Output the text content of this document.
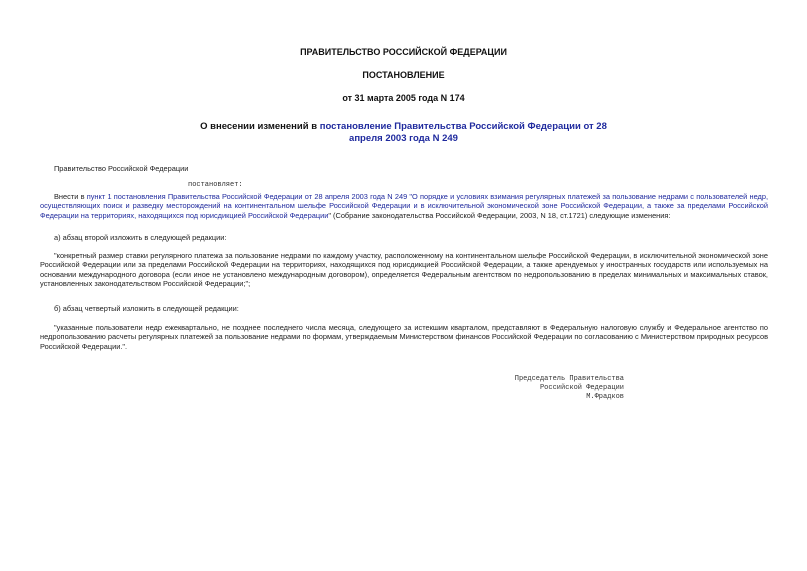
ПРАВИТЕЛЬСТВО РОССИЙСКОЙ ФЕДЕРАЦИИ
ПОСТАНОВЛЕНИЕ
от 31 марта 2005 года N 174
О внесении изменений в постановление Правительства Российской Федерации от 28 апреля 2003 года N 249
Правительство Российской Федерации
постановляет:
Внести в пункт 1 постановления Правительства Российской Федерации от 28 апреля 2003 года N 249 "О порядке и условиях взимания регулярных платежей за пользование недрами с пользователей недр, осуществляющих поиск и разведку месторождений на континентальном шельфе Российской Федерации и в исключительной экономической зоне Российской Федерации, а также за пределами Российской Федерации на территориях, находящихся под юрисдикцией Российской Федерации" (Собрание законодательства Российской Федерации, 2003, N 18, ст.1721) следующие изменения:
а) абзац второй изложить в следующей редакции:
"конкретный размер ставки регулярного платежа за пользование недрами по каждому участку, расположенному на континентальном шельфе Российской Федерации, в исключительной экономической зоне Российской Федерации или за пределами Российской Федерации на территориях, находящихся под юрисдикцией Российской Федерации, а также арендуемых у иностранных государств или используемых на основании международного договора (если иное не установлено международным договором), определяется Федеральным агентством по недропользованию в пределах минимальных и максимальных ставок, установленных законодательством Российской Федерации;";
б) абзац четвертый изложить в следующей редакции:
"указанные пользователи недр ежеквартально, не позднее последнего числа месяца, следующего за истекшим кварталом, представляют в Федеральную налоговую службу и Федеральное агентство по недропользованию расчеты регулярных платежей за пользование недрами по формам, утверждаемым Министерством финансов Российской Федерации по согласованию с Министерством природных ресурсов Российской Федерации.".
Председатель Правительства
Российской Федерации
М.Фрадков
